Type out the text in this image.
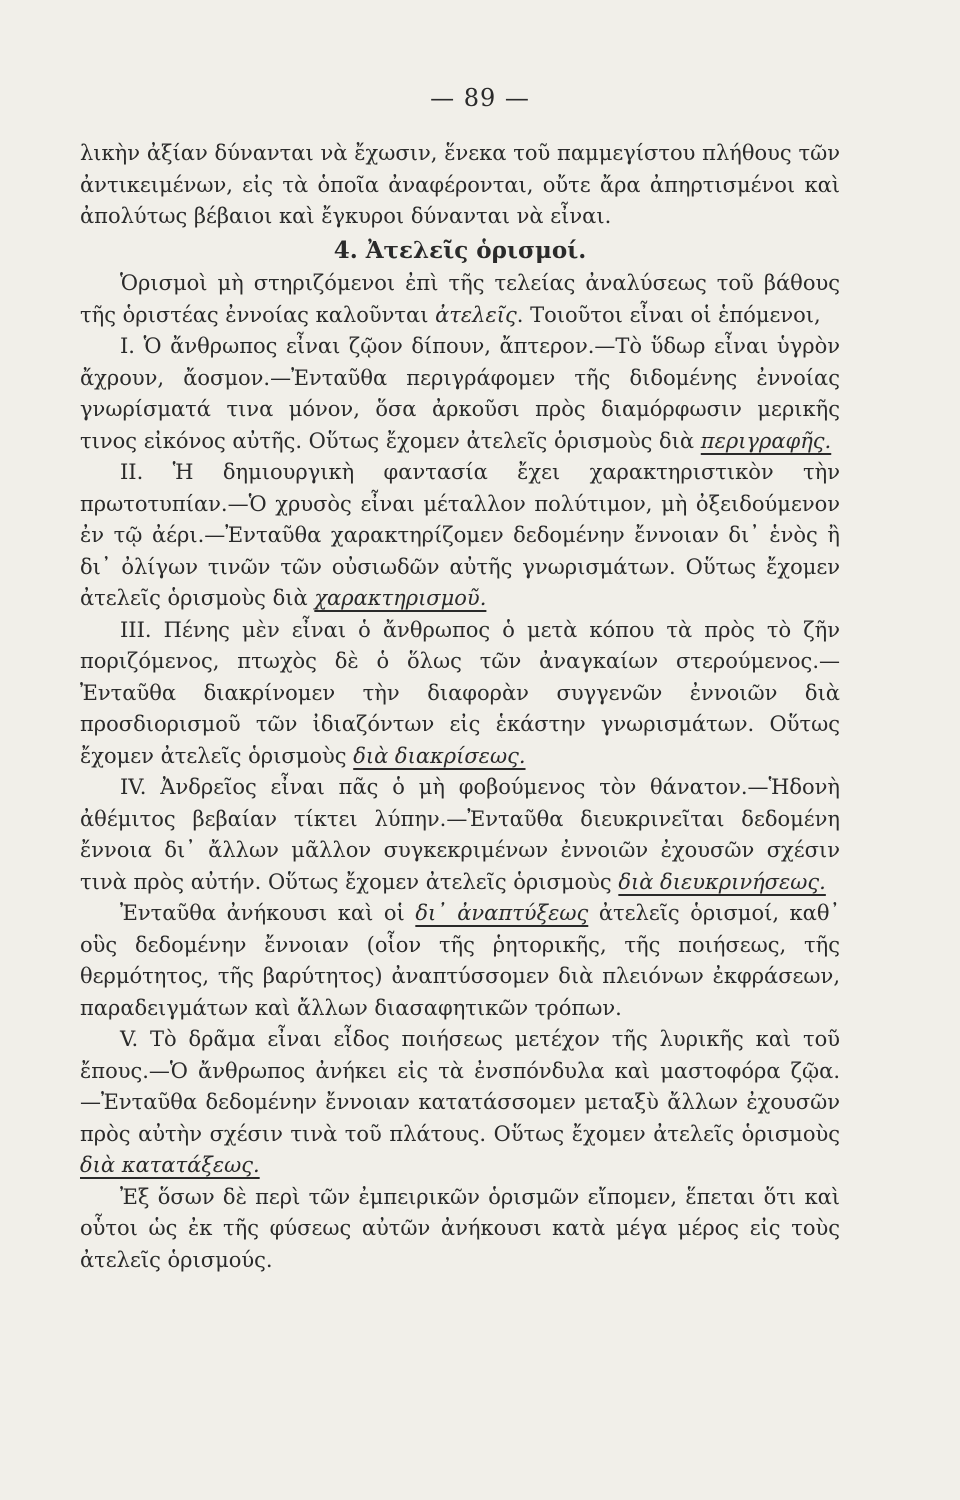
— 89 —

λικὴν ἀξίαν δύνανται νὰ ἔχωσιν, ἕνεκα τοῦ παμμεγίστου πλήθους τῶν ἀντικειμένων, εἰς τὰ ὁποῖα ἀναφέρονται, οὔτε ἄρα ἀπηρτισμένοι καὶ ἀπολύτως βέβαιοι καὶ ἔγκυροι δύνανται νὰ εἶναι.

4. Ἀτελεῖς ὁρισμοί.

Ὁρισμοὶ μὴ στηριζόμενοι ἐπὶ τῆς τελείας ἀναλύσεως τοῦ βάθους τῆς ὁριστέας ἐννοίας καλοῦνται ἀτελεῖς. Τοιοῦτοι εἶναι οἱ ἑπόμενοι,

I. Ὁ ἄνθρωπος εἶναι ζῷον δίπουν, ἄπτερον.—Τὸ ὕδωρ εἶναι ὑγρὸν ἄχρουν, ἄοσμον.—Ἐνταῦθα περιγράφομεν τῆς διδομένης ἐννοίας γνωρίσματά τινα μόνον, ὅσα ἀρκοῦσι πρὸς διαμόρφωσιν μερικῆς τινος εἰκόνος αὐτῆς. Οὕτως ἔχομεν ἀτελεῖς ὁρισμοὺς διὰ περιγραφῆς.

II. Ἡ δημιουργικὴ φαντασία ἔχει χαρακτηριστικὸν τὴν πρωτοτυπίαν.—Ὁ χρυσὸς εἶναι μέταλλον πολύτιμον, μὴ ὀξειδούμενον ἐν τῷ ἀέρι.—Ἐνταῦθα χαρακτηρίζομεν δεδομένην ἔννοιαν δι᾽ ἑνὸς ἢ δι᾽ ὀλίγων τινῶν τῶν οὐσιωδῶν αὐτῆς γνωρισμάτων. Οὕτως ἔχομεν ἀτελεῖς ὁρισμοὺς διὰ χαρακτηρισμοῦ.

III. Πένης μὲν εἶναι ὁ ἄνθρωπος ὁ μετὰ κόπου τὰ πρὸς τὸ ζῆν ποριζόμενος, πτωχὸς δὲ ὁ ὅλως τῶν ἀναγκαίων στερούμενος.—Ἐνταῦθα διακρίνομεν τὴν διαφορὰν συγγενῶν ἐννοιῶν διὰ προσδιορισμοῦ τῶν ἰδιαζόντων εἰς ἑκάστην γνωρισμάτων. Οὕτως ἔχομεν ἀτελεῖς ὁρισμοὺς διὰ διακρίσεως.

IV. Ἀνδρεῖος εἶναι πᾶς ὁ μὴ φοβούμενος τὸν θάνατον.—Ἡδονὴ ἀθέμιτος βεβαίαν τίκτει λύπην.—Ἐνταῦθα διευκρινεῖται δεδομένη ἔννοια δι᾽ ἄλλων μᾶλλον συγκεκριμένων ἐννοιῶν ἐχουσῶν σχέσιν τινὰ πρὸς αὐτήν. Οὕτως ἔχομεν ἀτελεῖς ὁρισμοὺς διὰ διευκρινήσεως.

Ἐνταῦθα ἀνήκουσι καὶ οἱ δι᾽ ἀναπτύξεως ἀτελεῖς ὁρισμοί, καθ᾽ οὓς δεδομένην ἔννοιαν (οἷον τῆς ῥητορικῆς, τῆς ποιήσεως, τῆς θερμότητος, τῆς βαρύτητος) ἀναπτύσσομεν διὰ πλειόνων ἐκφράσεων, παραδειγμάτων καὶ ἄλλων διασαφητικῶν τρόπων.

V. Τὸ δρᾶμα εἶναι εἶδος ποιήσεως μετέχον τῆς λυρικῆς καὶ τοῦ ἔπους.—Ὁ ἄνθρωπος ἀνήκει εἰς τὰ ἐνσπόνδυλα καὶ μαστοφόρα ζῷα. —Ἐνταῦθα δεδομένην ἔννοιαν κατατάσσομεν μεταξὺ ἄλλων ἐχουσῶν πρὸς αὐτὴν σχέσιν τινὰ τοῦ πλάτους. Οὕτως ἔχομεν ἀτελεῖς ὁρισμοὺς διὰ κατατάξεως.

Ἐξ ὅσων δὲ περὶ τῶν ἐμπειρικῶν ὁρισμῶν εἴπομεν, ἕπεται ὅτι καὶ οὗτοι ὡς ἐκ τῆς φύσεως αὐτῶν ἀνήκουσι κατὰ μέγα μέρος εἰς τοὺς ἀτελεῖς ὁρισμούς.
